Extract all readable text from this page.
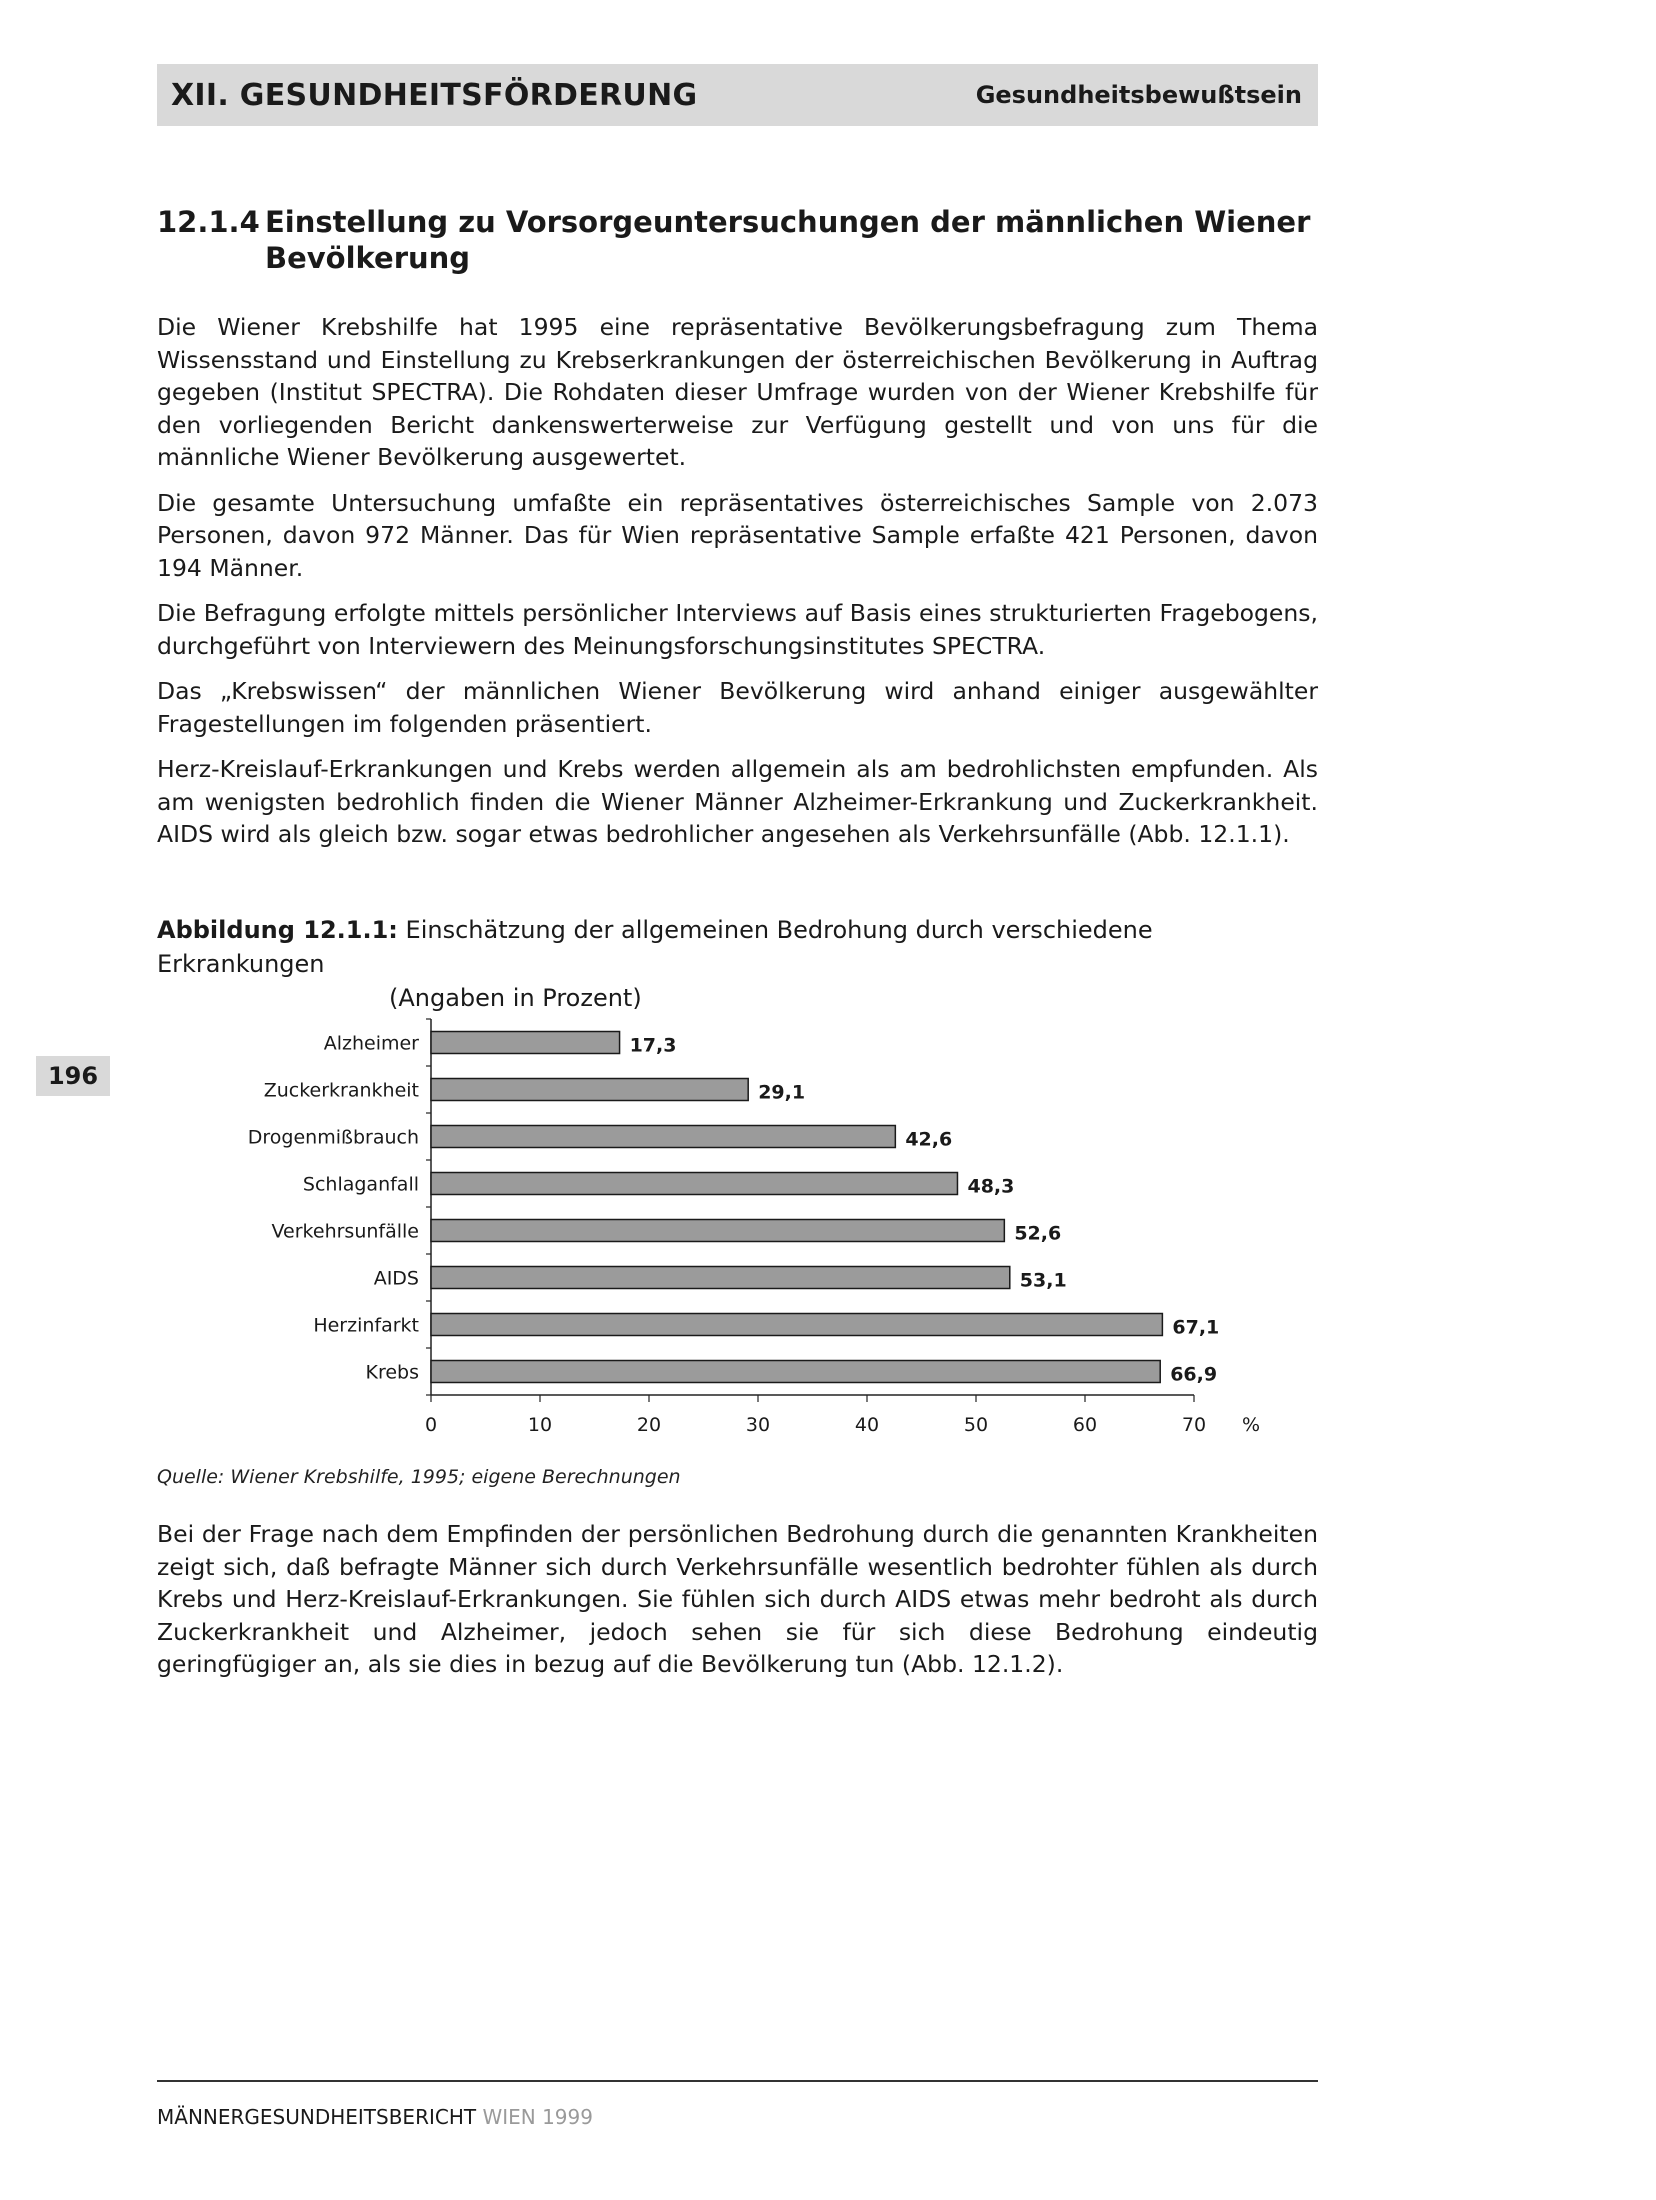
XII. GESUNDHEITSFÖRDERUNG	Gesundheitsbewußtsein
196
12.1.4 Einstellung zu Vorsorgeuntersuchungen der männlichen Wiener
Bevölkerung

Die Wiener Krebshilfe hat 1995 eine repräsentative Bevölkerungsbefragung zum Thema Wissensstand und Einstellung zu Krebserkrankungen der österreichischen Bevölkerung in Auftrag gegeben (Institut SPECTRA). Die Rohdaten dieser Umfrage wurden von der Wiener Krebshilfe für den vorliegenden Bericht dankenswerterweise zur Verfügung gestellt und von uns für die männliche Wiener Bevölkerung ausgewertet.

Die gesamte Untersuchung umfaßte ein repräsentatives österreichisches Sample von 2.073 Personen, davon 972 Männer. Das für Wien repräsentative Sample erfaßte 421 Personen, davon 194 Männer.

Die Befragung erfolgte mittels persönlicher Interviews auf Basis eines strukturierten Fragebogens, durchgeführt von Interviewern des Meinungsforschungsinstitutes SPECTRA.

Das „Krebswissen“ der männlichen Wiener Bevölkerung wird anhand einiger ausgewählter Fragestellungen im folgenden präsentiert.

Herz-Kreislauf-Erkrankungen und Krebs werden allgemein als am bedrohlichsten empfunden. Als am wenigsten bedrohlich finden die Wiener Männer Alzheimer-Erkrankung und Zuckerkrankheit. AIDS wird als gleich bzw. sogar etwas bedrohlicher angesehen als Verkehrsunfälle (Abb. 12.1.1).

Abbildung 12.1.1: Einschätzung der allgemeinen Bedrohung durch verschiedene Erkrankungen
(Angaben in Prozent)
Alzheimer	17,3
Zuckerkrankheit	29,1
Drogenmißbrauch	42,6
Schlaganfall	48,3
Verkehrsunfälle	52,6
AIDS	53,1
Herzinfarkt	67,1
Krebs	66,9
0	10	20	30	40	50	60	70 %
Quelle: Wiener Krebshilfe, 1995; eigene Berechnungen

Bei der Frage nach dem Empfinden der persönlichen Bedrohung durch die genannten Krankheiten zeigt sich, daß befragte Männer sich durch Verkehrsunfälle wesentlich bedrohter fühlen als durch Krebs und Herz-Kreislauf-Erkrankungen. Sie fühlen sich durch AIDS etwas mehr bedroht als durch Zuckerkrankheit und Alzheimer, jedoch sehen sie für sich diese Bedrohung eindeutig geringfügiger an, als sie dies in bezug auf die Bevölkerung tun (Abb. 12.1.2).

MÄNNERGESUNDHEITSBERICHT WIEN 1999
